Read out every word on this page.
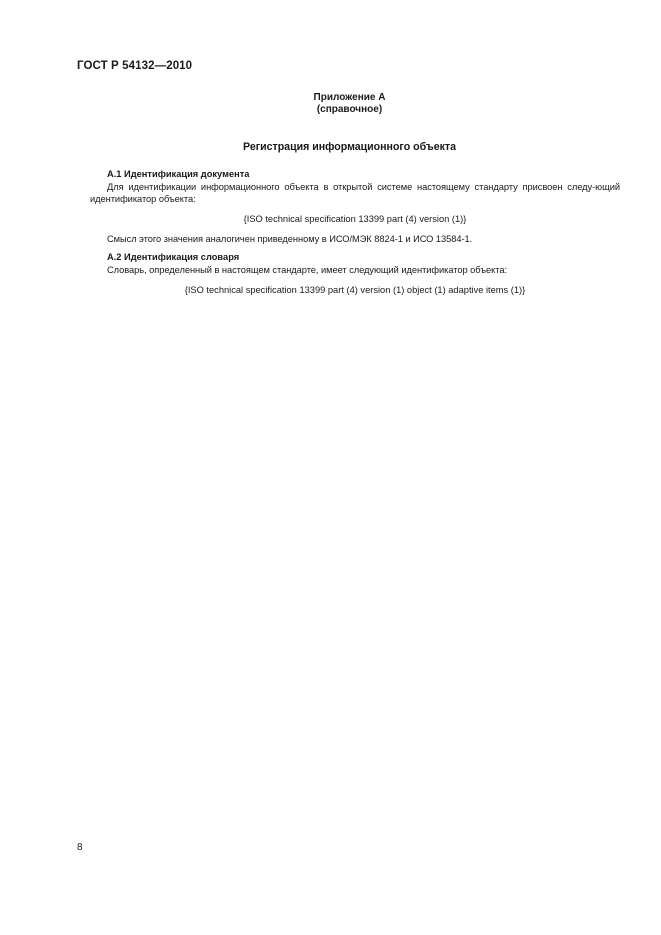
ГОСТ Р 54132—2010
Приложение А
(справочное)
Регистрация информационного объекта
А.1 Идентификация документа

Для идентификации информационного объекта в открытой системе настоящему стандарту присвоен следу-ющий идентификатор объекта:

{ISO technical specification 13399 part (4) version (1)}

Смысл этого значения аналогичен приведенному в ИСО/МЭК 8824-1 и ИСО 13584-1.

А.2 Идентификация словаря

Словарь, определенный в настоящем стандарте, имеет следующий идентификатор объекта:

{ISO technical specification 13399 part (4) version (1) object (1) adaptive items (1)}

8
